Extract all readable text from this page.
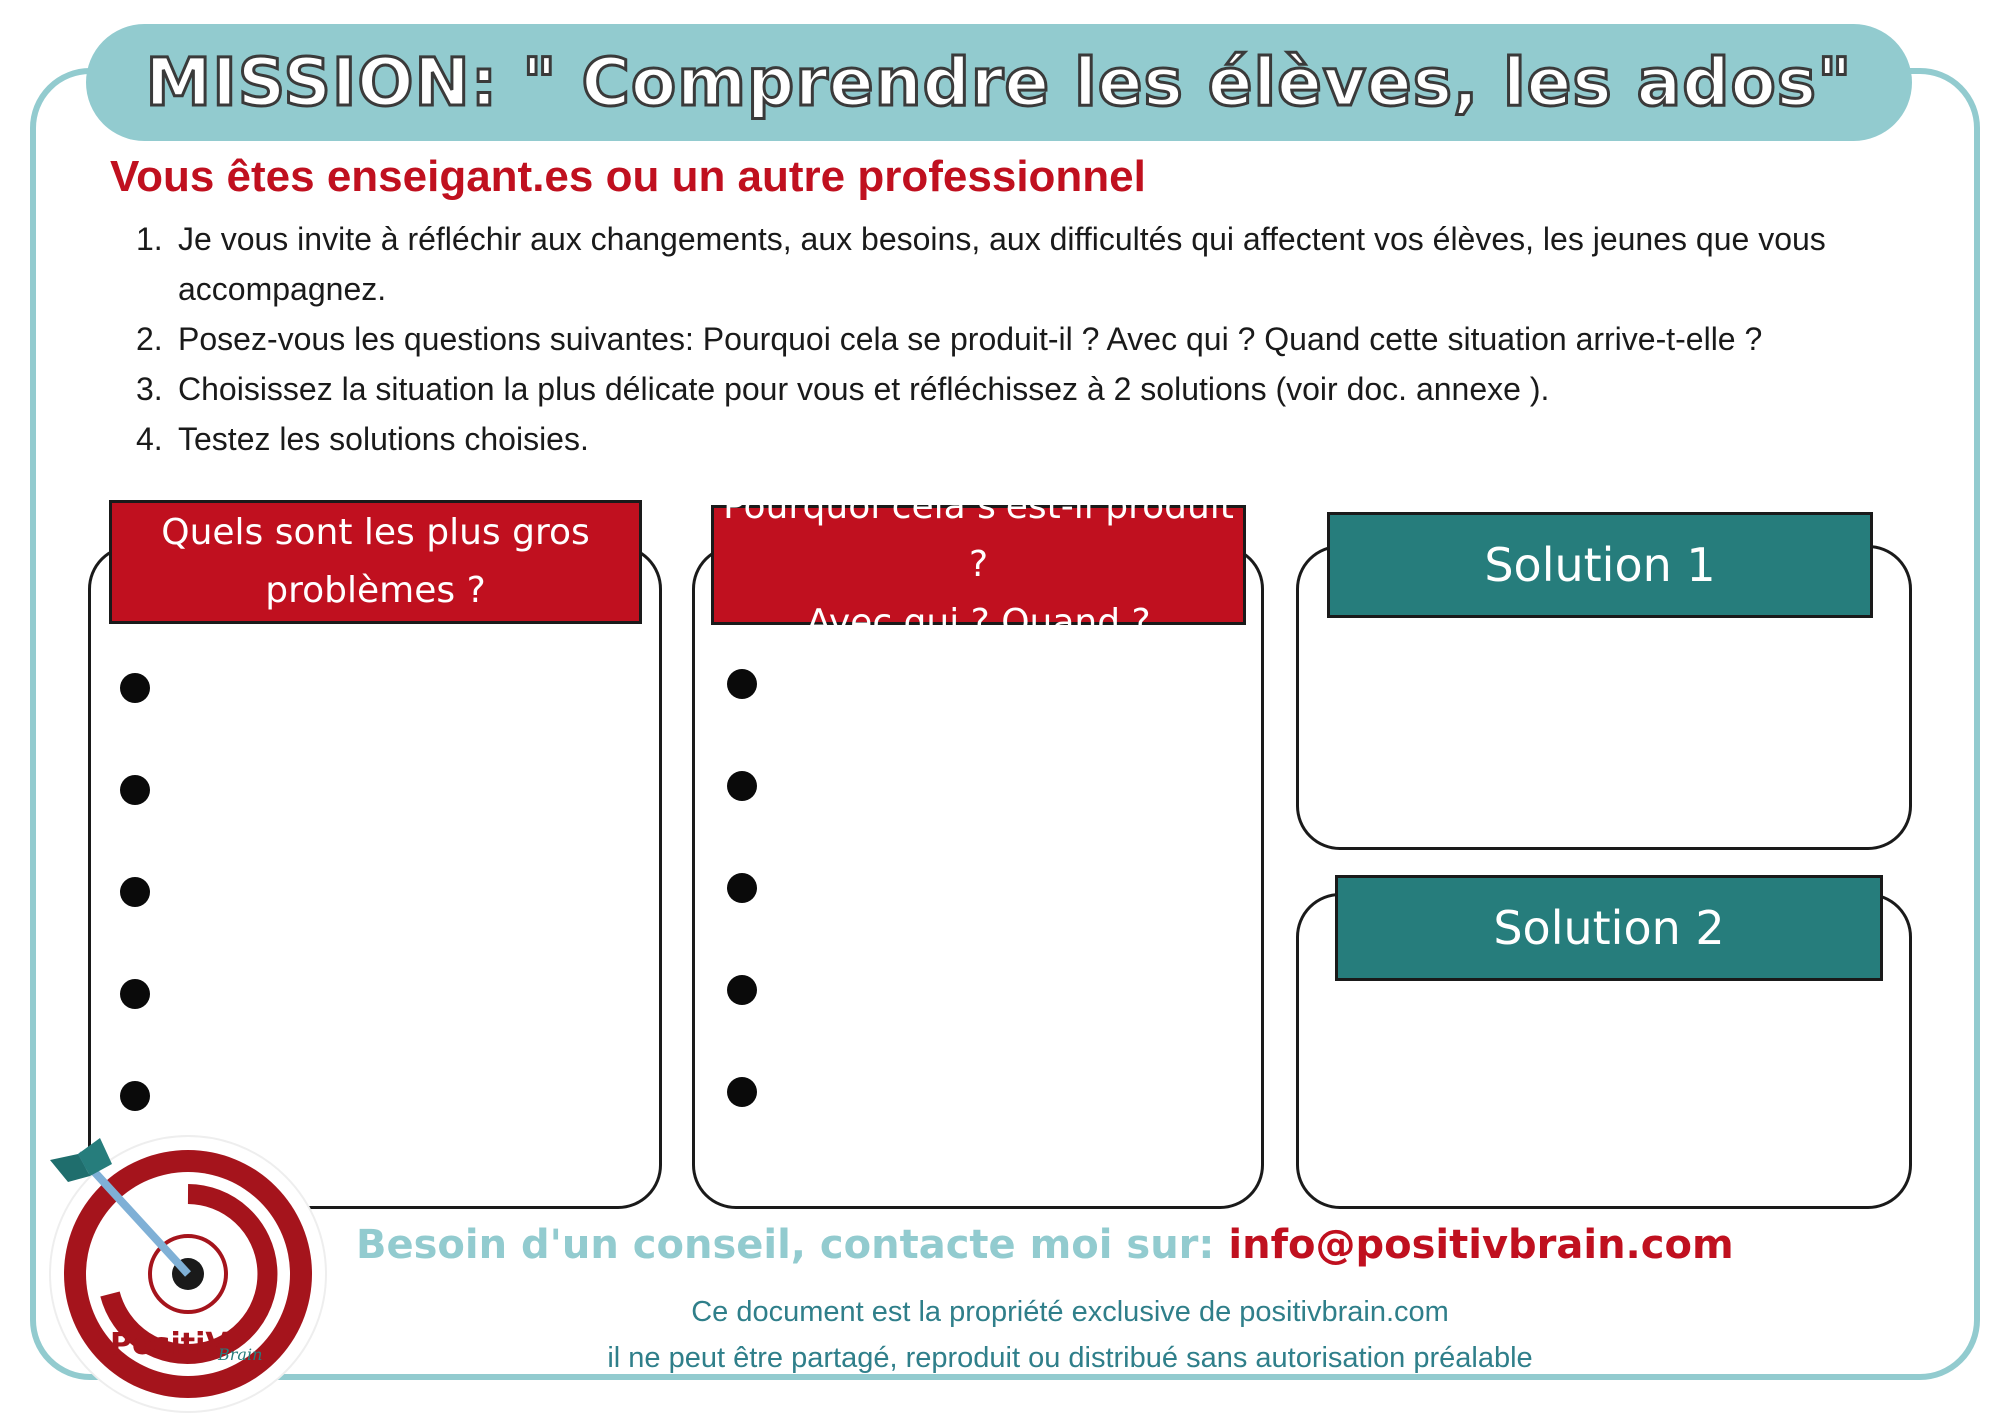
MISSION: " Comprendre les élèves, les ados"
Vous êtes enseigant.es ou un autre professionnel
1. Je vous invite à réfléchir aux changements, aux besoins, aux difficultés qui affectent vos élèves, les jeunes que vous accompagnez.
2. Posez-vous les questions suivantes: Pourquoi cela se produit-il ? Avec qui ? Quand cette situation arrive-t-elle ?
3. Choisissez la situation la plus délicate pour vous et réfléchissez à 2 solutions (voir doc. annexe ).
4. Testez les solutions choisies.
Quels sont les plus gros
problèmes ?
Pourquoi cela s'est-il produit ?
Avec qui ? Quand ?
Solution 1
Solution 2
Besoin d'un conseil, contacte moi sur: info@positivbrain.com
Ce document est la propriété exclusive de positivbrain.com
il ne peut être partagé, reproduit ou distribué sans autorisation préalable
PositiV
Brain
